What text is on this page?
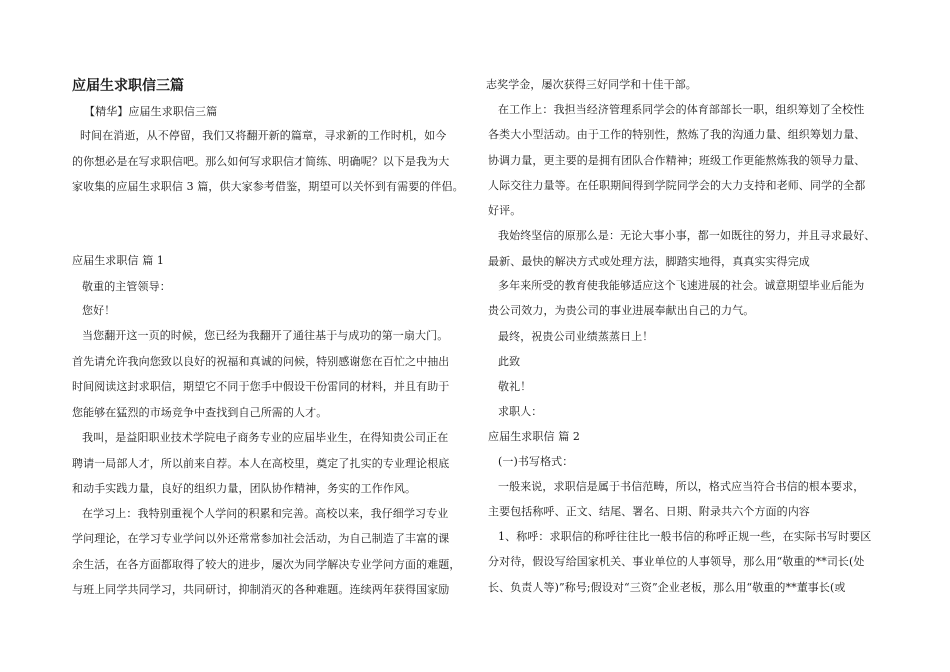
应届生求职信三篇
【精华】应届生求职信三篇
时间在消逝，从不停留，我们又将翻开新的篇章，寻求新的工作时机，如今
的你想必是在写求职信吧。那么如何写求职信才简练、明确呢？以下是我为大
家收集的应届生求职信 3 篇，供大家参考借鉴，期望可以关怀到有需要的伴侣。
应届生求职信 篇 1
敬重的主管领导：
您好！
当您翻开这一页的时候，您已经为我翻开了通往基于与成功的第一扇大门。
首先请允许我向您致以良好的祝福和真诚的问候，特别感谢您在百忙之中抽出
时间阅读这封求职信，期望它不同于您手中假设干份雷同的材料，并且有助于
您能够在猛烈的市场竞争中查找到自己所需的人才。
我叫，是益阳职业技术学院电子商务专业的应届毕业生，在得知贵公司正在
聘请一局部人才，所以前来自荐。本人在高校里，奠定了扎实的专业理论根底
和动手实践力量，良好的组织力量，团队协作精神，务实的工作作风。
在学习上：我特别重视个人学问的积累和完善。高校以来，我仔细学习专业
学问理论，在学习专业学问以外还常常参加社会活动，为自己制造了丰富的课
余生活，在各方面都取得了较大的进步，屡次为同学解决专业学问方面的难题，
与班上同学共同学习，共同研讨，抑制消灭的各种难题。连续两年获得国家励
志奖学金，屡次获得三好同学和十佳干部。
在工作上：我担当经济管理系同学会的体育部部长一职，组织筹划了全校性
各类大小型活动。由于工作的特别性，熬炼了我的沟通力量、组织筹划力量、
协调力量，更主要的是拥有团队合作精神；班级工作更能熬炼我的领导力量、
人际交往力量等。在任职期间得到学院同学会的大力支持和老师、同学的全都
好评。
我始终坚信的原那么是：无论大事小事，都一如既往的努力，并且寻求最好、
最新、最快的解决方式或处理方法，脚踏实地得，真真实实得完成
多年来所受的教育使我能够适应这个飞速进展的社会。诚意期望毕业后能为
贵公司效力，为贵公司的事业进展奉献出自己的力气。
最终，祝贵公司业绩蒸蒸日上！
此致
敬礼！
求职人：
应届生求职信 篇 2
(一)书写格式：
一般来说，求职信是属于书信范畴，所以，格式应当符合书信的根本要求，
主要包括称呼、正文、结尾、署名、日期、附录共六个方面的内容
1、称呼：求职信的称呼往往比一般书信的称呼正规一些，在实际书写时要区
分对待，假设写给国家机关、事业单位的人事领导，那么用“敬重的**司长(处
长、负责人等)”称号;假设对“三资”企业老板，那么用“敬重的**董事长(或
